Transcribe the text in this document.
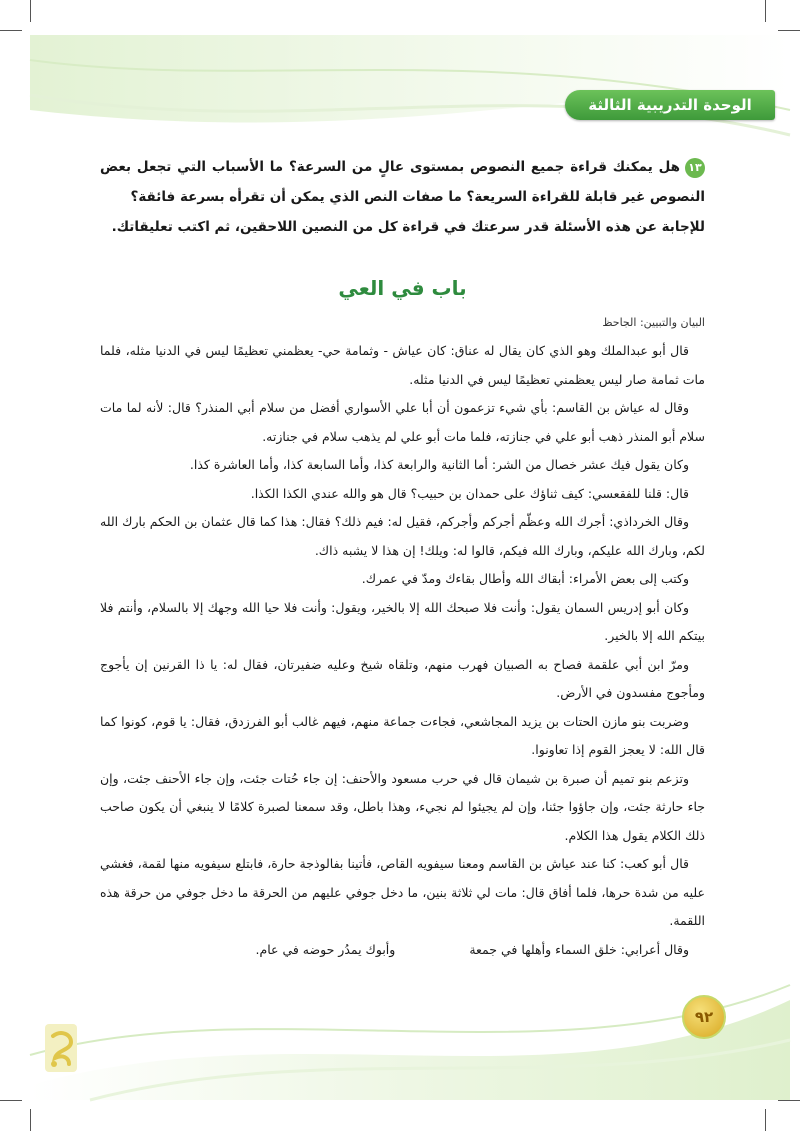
الوحدة التدريبية الثالثة
١٣هل يمكنك قراءة جميع النصوص بمستوى عالٍ من السرعة؟ ما الأسباب التي تجعل بعض النصوص غير قابلة للقراءة السريعة؟ ما صفات النص الذي يمكن أن تقرأه بسرعة فائقة؟
للإجابة عن هذه الأسئلة قدر سرعتك في قراءة كل من النصين اللاحقين، ثم اكتب تعليقاتك.
باب في العي
البيان والتبيين: الجاحظ

قال أبو عبدالملك وهو الذي كان يقال له عناق: كان عياش - وثمامة حي- يعظمني تعظيمًا ليس في الدنيا مثله، فلما مات ثمامة صار ليس يعظمني تعظيمًا ليس في الدنيا مثله.

وقال له عياش بن القاسم: بأي شيء تزعمون أن أبا علي الأسواري أفضل من سلام أبي المنذر؟ قال: لأنه لما مات سلام أبو المنذر ذهب أبو علي في جنازته، فلما مات أبو علي لم يذهب سلام في جنازته.

وكان يقول فيك عشر خصال من الشر: أما الثانية والرابعة كذا، وأما السابعة كذا، وأما العاشرة كذا.

قال: قلنا للفقعسي: كيف ثناؤك على حمدان بن حبيب؟ قال هو والله عندي الكذا الكذا.

وقال الخرداذي: أجرك الله وعظّم أجركم وأجركم، فقيل له: فيم ذلك؟ فقال: هذا كما قال عثمان بن الحكم بارك الله لكم، وبارك الله عليكم، وبارك الله فيكم، قالوا له: ويلك! إن هذا لا يشبه ذاك.

وكتب إلى بعض الأمراء: أبقاك الله وأطال بقاءك ومدّ في عمرك.

وكان أبو إدريس السمان يقول: وأنت فلا صبحك الله إلا بالخير، ويقول: وأنت فلا حيا الله وجهك إلا بالسلام، وأنتم فلا بيتكم الله إلا بالخير.

ومرّ ابن أبي علقمة فصاح به الصبيان فهرب منهم، وتلقاه شيخ وعليه ضفيرتان، فقال له: يا ذا القرنين إن يأجوج ومأجوج مفسدون في الأرض.

وضربت بنو مازن الحتات بن يزيد المجاشعي، فجاءت جماعة منهم، فيهم غالب أبو الفرزدق، فقال: يا قوم، كونوا كما قال الله: لا يعجز القوم إذا تعاونوا.

وتزعم بنو تميم أن صبرة بن شيمان قال في حرب مسعود والأحنف: إن جاء حُتات جئت، وإن جاء الأحنف جئت، وإن جاء حارثة جئت، وإن جاؤوا جئنا، وإن لم يجيئوا لم نجيء، وهذا باطل، وقد سمعنا لصبرة كلامًا لا ينبغي أن يكون صاحب ذلك الكلام يقول هذا الكلام.

قال أبو كعب: كنا عند عياش بن القاسم ومعنا سيفويه القاص، فأتينا بفالوذجة حارة، فابتلع سيفويه منها لقمة، فغشي عليه من شدة حرها، فلما أفاق قال: مات لي ثلاثة بنين، ما دخل جوفي عليهم من الحرقة ما دخل جوفي من حرقة هذه اللقمة.

وقال أعرابي: خلق السماء وأهلها في جمعة
وأبوك يمدُر حوضه في عام.
٩٢
